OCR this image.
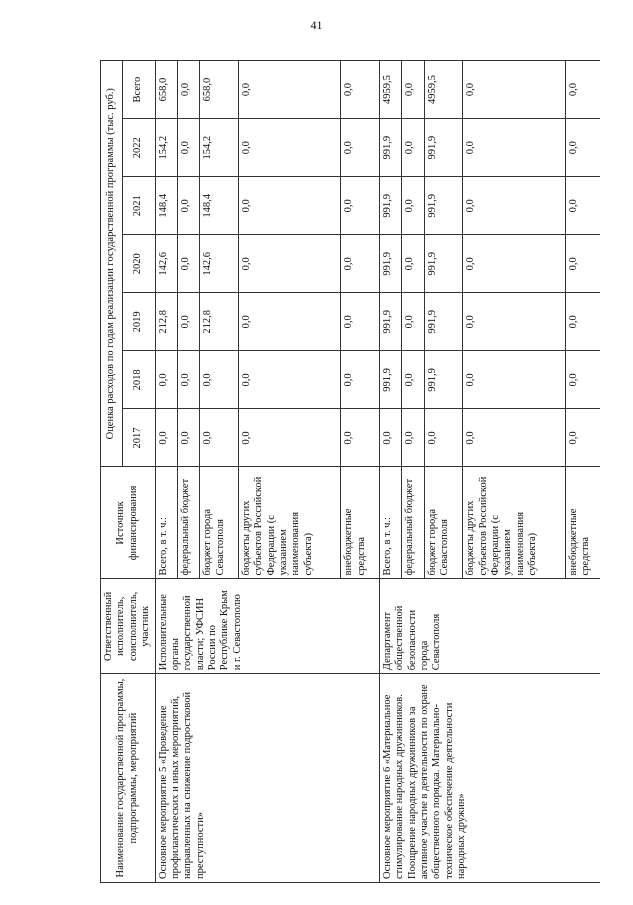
41
Наименование государственной программы, подпрограммы, мероприятий	Ответственный исполнитель, соисполнитель, участник	Источник финансирования	Оценка расходов по годам реализации государственной программы (тыс. руб.)						
			2017	2018	2019	2020	2021	2022	Всего
Основное мероприятие 5 «Проведение профилактических и иных мероприятий, направленных на снижение подростковой преступности»	Исполнительные органы государственной власти; УФСИН России по Республике Крым и г. Севастополю	Всего, в т. ч.:	0,0	0,0	212,8	142,6	148,4	154,2	658,0
		федеральный бюджет	0,0	0,0	0,0	0,0	0,0	0,0	0,0
		бюджет города Севастополя	0,0	0,0	212,8	142,6	148,4	154,2	658,0
		бюджеты других субъектов Российской Федерации (с указанием наименования субъекта)	0,0	0,0	0,0	0,0	0,0	0,0	0,0
		внебюджетные средства	0,0	0,0	0,0	0,0	0,0	0,0	0,0
Основное мероприятие 6 «Материальное стимулирование народных дружинников. Поощрение народных дружинников за активное участие в деятельности по охране общественного порядка. Материально-техническое обеспечение деятельности народных дружин»	Департамент общественной безопасности города Севастополя	Всего, в т. ч.:	0,0	991,9	991,9	991,9	991,9	991,9	4959,5
		федеральный бюджет	0,0	0,0	0,0	0,0	0,0	0,0	0,0
		бюджет города Севастополя	0,0	991,9	991,9	991,9	991,9	991,9	4959,5
		бюджеты других субъектов Российской Федерации (с указанием наименования субъекта)	0,0	0,0	0,0	0,0	0,0	0,0	0,0
		внебюджетные средства	0,0	0,0	0,0	0,0	0,0	0,0	0,0
